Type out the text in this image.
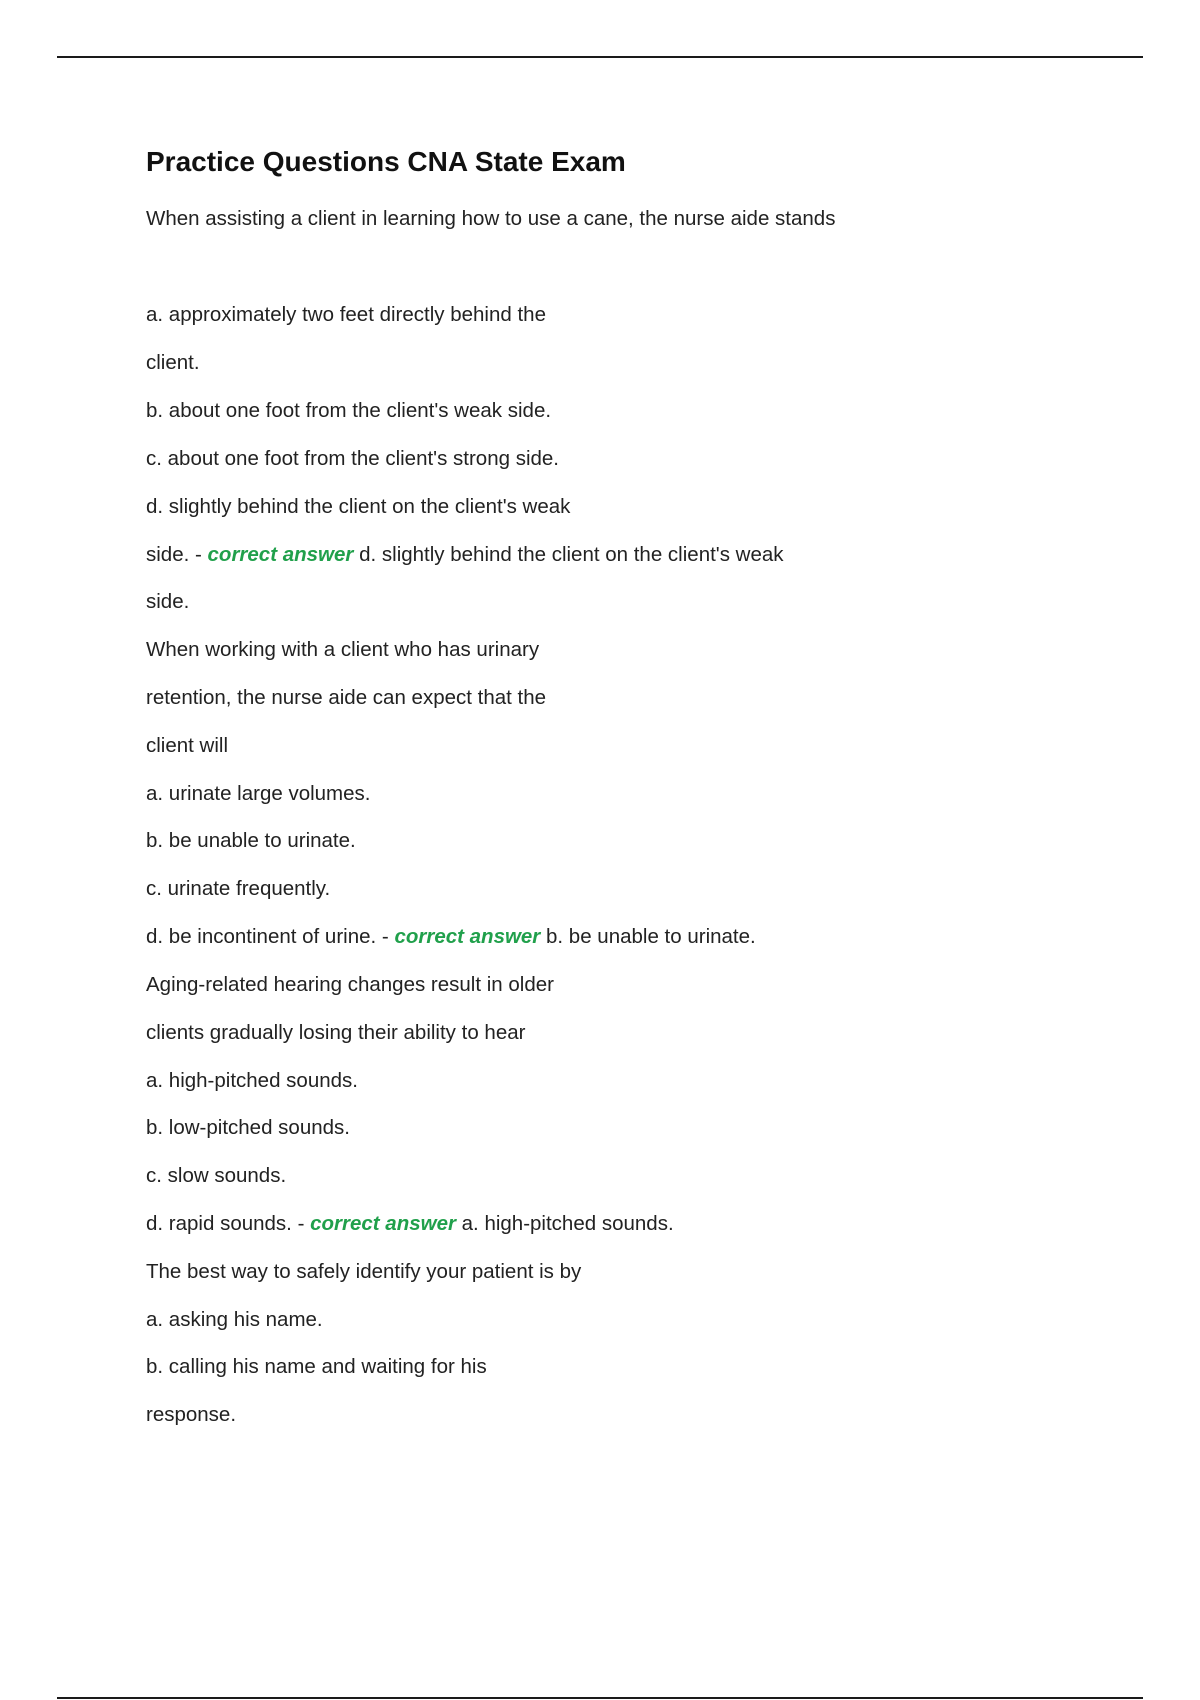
Practice Questions CNA State Exam
When assisting a client in learning how to use a cane, the nurse aide stands
a. approximately two feet directly behind the
client.
b. about one foot from the client's weak side.
c. about one foot from the client's strong side.
d. slightly behind the client on the client's weak
side. - correct answer d. slightly behind the client on the client's weak
side.
When working with a client who has urinary
retention, the nurse aide can expect that the
client will
a. urinate large volumes.
b. be unable to urinate.
c. urinate frequently.
d. be incontinent of urine. - correct answer b. be unable to urinate.
Aging-related hearing changes result in older
clients gradually losing their ability to hear
a. high-pitched sounds.
b. low-pitched sounds.
c. slow sounds.
d. rapid sounds. - correct answer a. high-pitched sounds.
The best way to safely identify your patient is by
a. asking his name.
b. calling his name and waiting for his
response.
